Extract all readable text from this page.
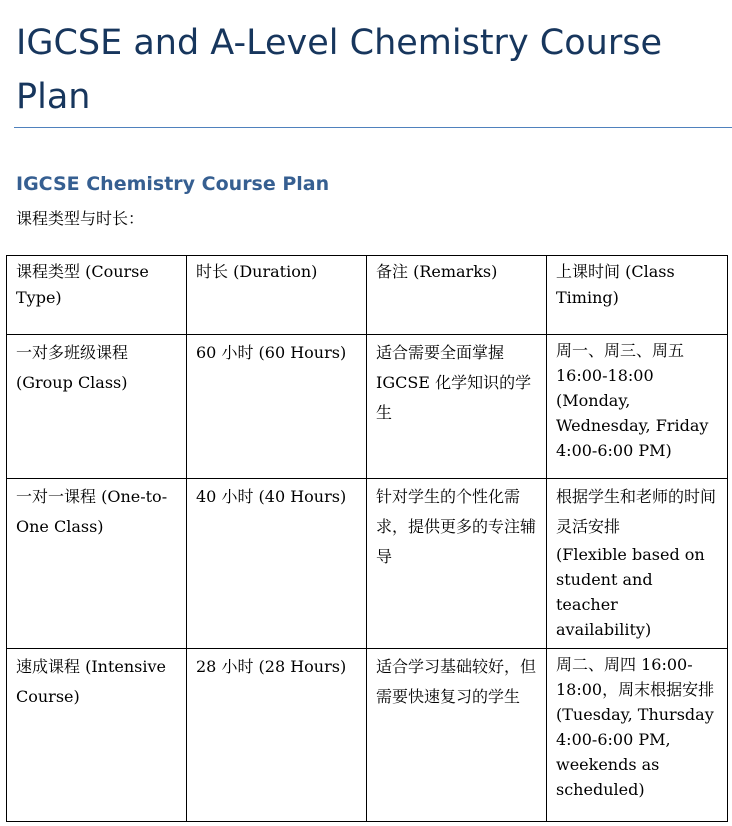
IGCSE and A-Level Chemistry Course Plan
IGCSE Chemistry Course Plan

课程类型与时长：

课程类型 (Course Type)	时长 (Duration)	备注 (Remarks)	上课时间 (Class Timing)

一对多班级课程 (Group Class)	60 小时 (60 Hours)	适合需要全面掌握 IGCSE 化学知识的学生	周一、周三、周五 16:00-18:00 (Monday, Wednesday, Friday 4:00-6:00 PM)

一对一课程 (One-to-One Class)	40 小时 (40 Hours)	针对学生的个性化需求，提供更多的专注辅导	根据学生和老师的时间灵活安排
(Flexible based on student and teacher availability)

速成课程 (Intensive Course)	28 小时 (28 Hours)	适合学习基础较好，但需要快速复习的学生	周二、周四 16:00-18:00，周末根据安排 (Tuesday, Thursday 4:00-6:00 PM, weekends as scheduled)
